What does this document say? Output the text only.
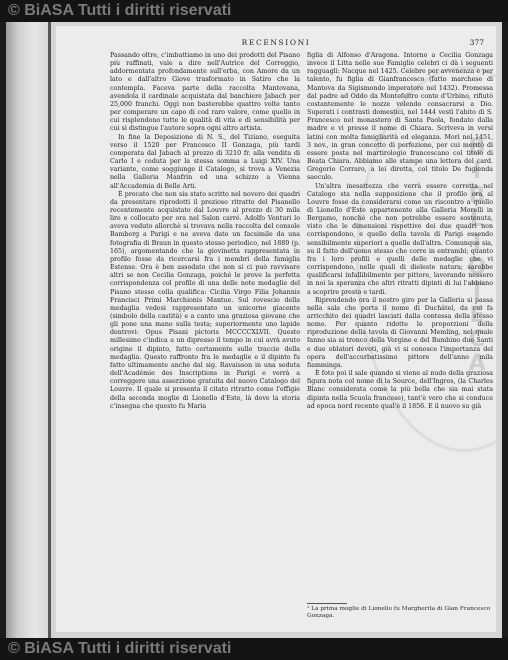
© BiASA Tutti i diritti riservati
B
I
B
L
I
O
T
E
C
A
RECENSIONI	377

Passando oltre, c'imbattiamo in uno dei prodotti del Pisano più raffinati, vale a dire nell'Autrice del Correggio, addormentata profondamente sull'erba, con Amore da un lato e dall'altro Giove trasformato in Satiro che la contempla. Faceva parte della raccolta Mantovana, avendola il cardinale acquistata dal banchiere Jabach per 25,000 franchi. Oggi non basterebbe quattro volte tanto per comperare un capo di cod raro valore, come quello in cui risplendono tutte le qualità di vita e di sensibilità per cui si distingue l'autore sopra ogni altro artista.

In fine la Deposizione di N. S., del Tiziano, eseguita verso il 1520 per Francesco II Gonzaga, più tardi comperata dal Jabach al prezzo di 3210 fr. alla vendita di Carlo I e ceduta per la stessa somma a Luigi XIV. Una variante, come soggiunge il Catalogo, si trova a Venezia nella Galleria Manfrin ed una schizzo a Vienna all'Accademia di Belle Arti.

È precato che non sia stato scritto nel novero dei quadri da presentare riprodotti il prezioso ritratto del Pisanello recentemente acquistato dal Louvre al prezzo di 30 mila lire e collocato per ora nel Salon carré. Adolfo Venturi lo aveva veduto allorchè si trovava nella raccolta del console Bamberg a Parigi e ne aveva dato un facsimile da una fotografia di Braun in questo stesso periodico, nel 1889 (p. 165), argomentando che la giovinetta rappresentata in profilo fosse da ricercarsi fra i membri della famiglia Estense. Ora è ben assodato che non si ci può ravvisare altri se non Cecilia Gonzaga, poichè le prove la perfetta corrispondenza col profilo di una delle note medaglie del Pisano stesso colla qualifica: Cicilia Virgo Filia Johannis Francisci Primi Marchionis Mantue. Sul rovescio della medaglia vedesi rappresentato un unicorno giacente (simbolo della castità) e a canto una graziosa giovane che gli pone una mano sulla testa; superiormente uno lapide dentrovi: Opus Pisani pictoris MCCCCXLVII. Questo millesimo c'indica a un dipresso il tempo in cui avrà avuto origine il dipinto, fatto certamente sulle traccie della medaglia. Questo raffronto fra le medaglie e il dipinto fu fatto ultimamente anche dal sig. Ravaisson in una seduta dell'Académie des Inscriptions in Parigi e verrà a correggere una asserzione gratuita del nuovo Catalogo del Louvre. Il quale si presenta il citato ritratto come l'effigie della seconda moglie di Lionello d'Este, là dove la storia c'insegna che questo fu Maria

figlia di Alfonso d'Aragona. Intorno a Cecilia Gonzaga invece il Litta nelle sue Famiglie celebri ci dà i seguenti ragguagli: Nacque nel 1425. Celebre per avvenenza e per talento, fu figlia di Gianfrancesco (fatto marchese di Mantova da Sigismondo imperatore nel 1432). Promessa dal padre ad Oddo da Montefeltro conte d'Urbino, rifiutò costantemente le nozze volendo consacrarsi a Dio. Superati i contrasti domestici, nel 1444 vestì l'abito di S. Francesco nel monastero di Santa Paola, fondato dalla madre e vi presse il nome di Chiara. Scriveva in versi latini con molta famigliarità ed eleganza. Morì nel 1451, 3 nov., in gran concetto di perfezione, per cui meritò di essere posta nel martirologio francescano col titolo di Beata Chiara. Abbiamo alle stampe una lettera del card. Gregorio Corraro, a lei diretta, col titolo De fugienda saeculo.

Un'altra inesattezza che verrà essere corretta nel Catalogo sta nella supposizione che il profilo ora al Louvre fosse da considerarsi come un riscontro a quello di Lionello d'Este appartenente alla Galleria Morelli in Bergamo, nonchè che non potrebbe essere sostenuta, visto che le dimensioni rispettive dei due quadri non corrispondono, e quello della tavola di Parigi essendo sensibilmente superiori a quelle dell'altra. Comunque sia, su il fatto dell'uomo stesso che corre in entrambi; quanto fra i loro profili e quelli delle medaglie che vi corrispondono, nelle quali di dieleste natura; sarebbe qualificarsi infallibilmente per pittore, lavorando nessero in noi la speranza che altri ritratti dipinti di lui l'abbiano a scoprire presto e tardi.

Riprendendo ora il nostro giro per la Galleria si passa nella sala che porta il nome di Duchâtel, da cui fa arricchito dei quadri lasciati dalla contessa della stesso nome. Per quanto ridotte le proporzioni della riproduzione della tavola di Giovanni Memling, nel quale fanno sia ai tronco della Vergine e del Bambino due Santi e due oblatori devoti, già vi si conosce l'importanza del opera dell'accurbatissimo pittore dell'anno mila fiamminga.

È foto poi il sale quando si viene al nudo della graziosa figura nota col nome di la Source, dell'Ingres, (la Charles Blanc considerata come la più bella che sia mai stata dipinta nella Scuola francese), tant'è vero che si conduce ad epoca nord recente qual'è il 1856. E il nuovo su già

¹ La prima moglie di Lionello fu Margherita di Gian Francesco Gonzaga.
© BiASA Tutti i diritti riservati
